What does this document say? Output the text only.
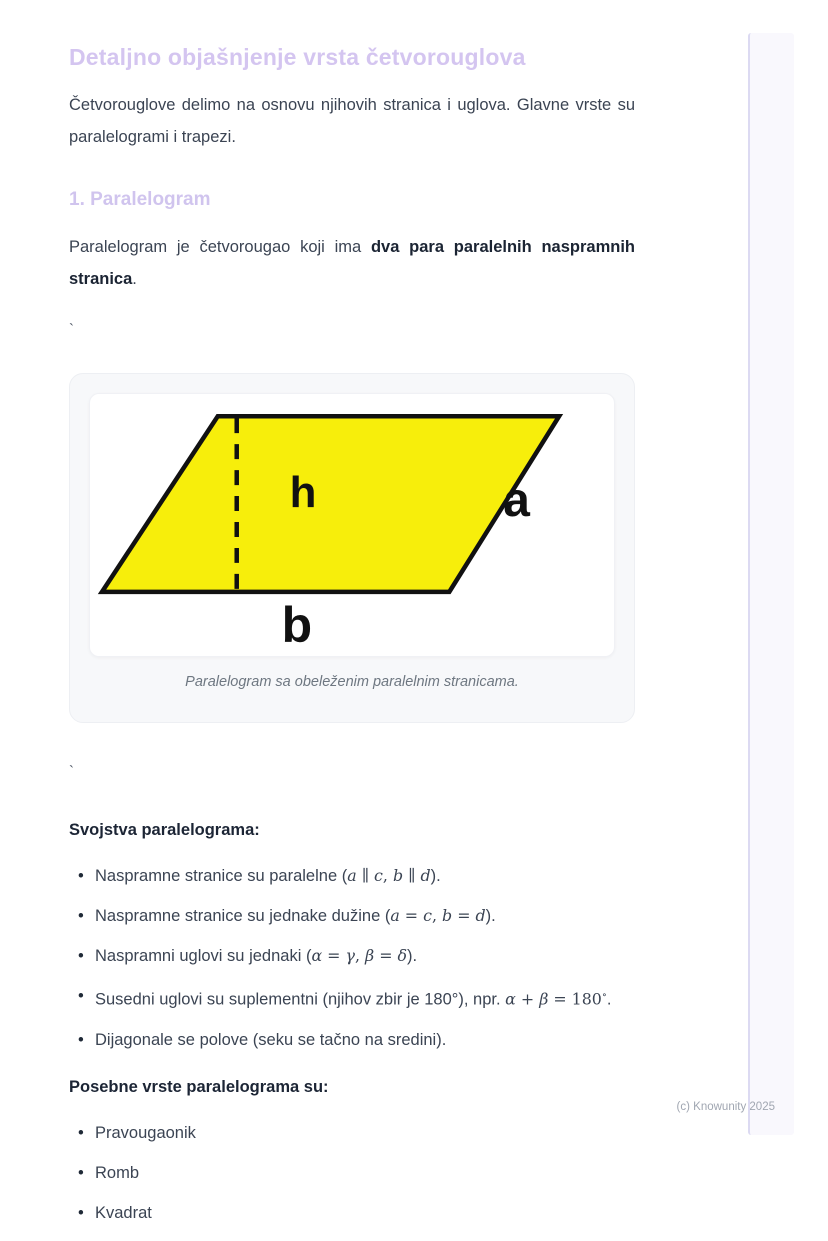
Detaljno objašnjenje vrsta četvorouglova

Četvorouglove delimo na osnovu njihovih stranica i uglova. Glavne vrste su paralelogrami i trapezi.

1. Paralelogram

Paralelogram je četvorougao koji ima dva para paralelnih naspramnih stranica.

`
h	a
b
Paralelogram sa obeleženim paralelnim stranicama.
`

Svojstva paralelograma:

• Naspramne stranice su paralelne (a ∥ c, b ∥ d).
• Naspramne stranice su jednake dužine (a = c, b = d).
• Naspramni uglovi su jednaki (α = γ, β = δ).
• Susedni uglovi su suplementni (njihov zbir je 180°), npr. α + β = 180∘.
• Dijagonale se polove (seku se tačno na sredini).

Posebne vrste paralelograma su:

• Pravougaonik
• Romb
• Kvadrat
(c) Knowunity 2025
